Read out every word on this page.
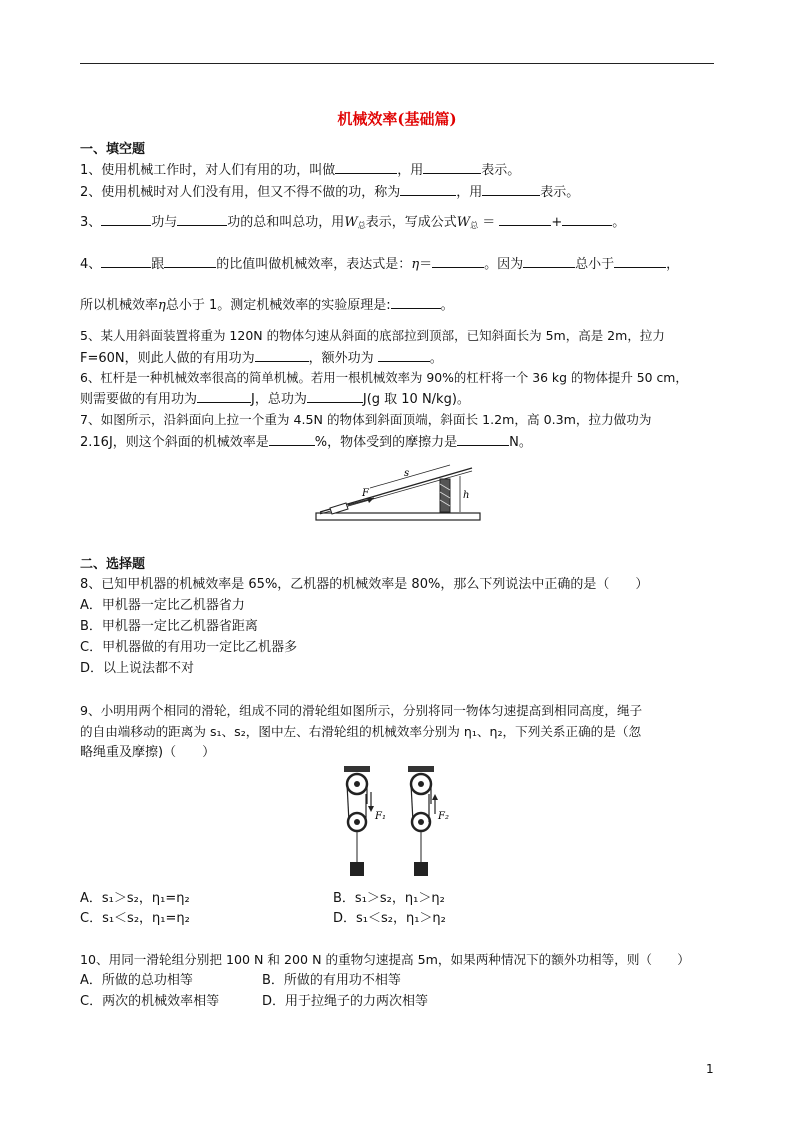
机械效率(基础篇)
一、填空题
1、使用机械工作时，对人们有用的功，叫做	，用	表示。
2、使用机械时对人们没有用，但又不得不做的功，称为	，用	表示。
3、	功与	功的总和叫总功，用$W_总$表示，写成公式$W_总$ ＝	+	。
4、	跟	的比值叫做机械效率，表达式是：η＝	。因为	总小于	，
所以机械效率η总小于 1。测定机械效率的实验原理是:	。
5、某人用斜面装置将重为 120N 的物体匀速从斜面的底部拉到顶部，已知斜面长为 5m，高是 2m，拉力
F=60N，则此人做的有用功为	，额外功为	。
6、杠杆是一种机械效率很高的简单机械。若用一根机械效率为 90%的杠杆将一个 36 kg 的物体提升 50 cm，
则需要做的有用功为	J，总功为	J(g 取 10 N/kg)。
7、如图所示，沿斜面向上拉一个重为 4.5N 的物体到斜面顶端，斜面长 1.2m，高 0.3m，拉力做功为
2.16J，则这个斜面的机械效率是	%，物体受到的摩擦力是	N。
s
h
F
二、选择题
8、已知甲机器的机械效率是 65%，乙机器的机械效率是 80%，那么下列说法中正确的是（　　）
A．甲机器一定比乙机器省力
B．甲机器一定比乙机器省距离
C．甲机器做的有用功一定比乙机器多
D．以上说法都不对
9、小明用两个相同的滑轮，组成不同的滑轮组如图所示，分别将同一物体匀速提高到相同高度，绳子
的自由端移动的距离为 s₁、s₂，图中左、右滑轮组的机械效率分别为 η₁、η₂，下列关系正确的是（忽
略绳重及摩擦)（　　）
F₁	F₂
A．s₁＞s₂，η₁=η₂	B．s₁＞s₂，η₁＞η₂
C．s₁＜s₂，η₁=η₂	D．s₁＜s₂，η₁＞η₂
10、用同一滑轮组分别把 100 N 和 200 N 的重物匀速提高 5m，如果两种情况下的额外功相等，则（　　）
A．所做的总功相等	B．所做的有用功不相等
C．两次的机械效率相等	D．用于拉绳子的力两次相等
1
